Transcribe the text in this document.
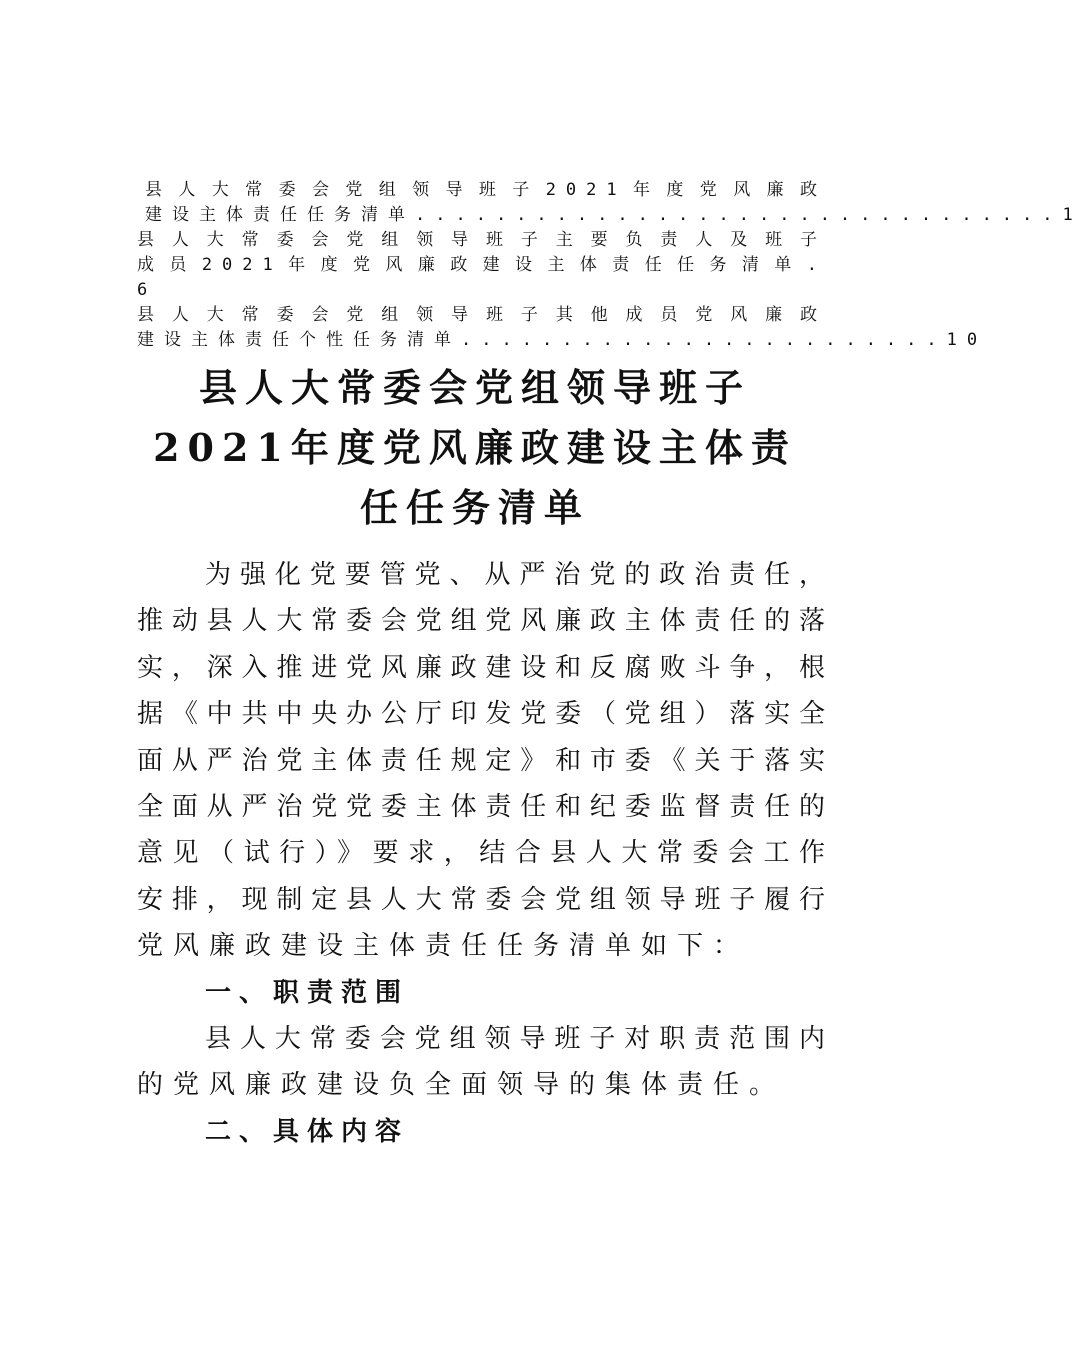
县人大常委会党组领导班子2021年度党风廉政
建设主体责任任务清单................................1
县人大常委会党组领导班子主要负责人及班子
成员2021年度党风廉政建设主体责任任务清单.
6
县人大常委会党组领导班子其他成员党风廉政
建设主体责任个性任务清单........................10
县人大常委会党组领导班子
2021年度党风廉政建设主体责
任任务清单
为强化党要管党、从严治党的政治责任，
推动县人大常委会党组党风廉政主体责任的落
实，深入推进党风廉政建设和反腐败斗争，根
据《中共中央办公厅印发党委（党组）落实全
面从严治党主体责任规定》和市委《关于落实
全面从严治党党委主体责任和纪委监督责任的
意见（试行）》要求，结合县人大常委会工作
安排，现制定县人大常委会党组领导班子履行
党风廉政建设主体责任任务清单如下：
一、职责范围
县人大常委会党组领导班子对职责范围内
的党风廉政建设负全面领导的集体责任。
二、具体内容
